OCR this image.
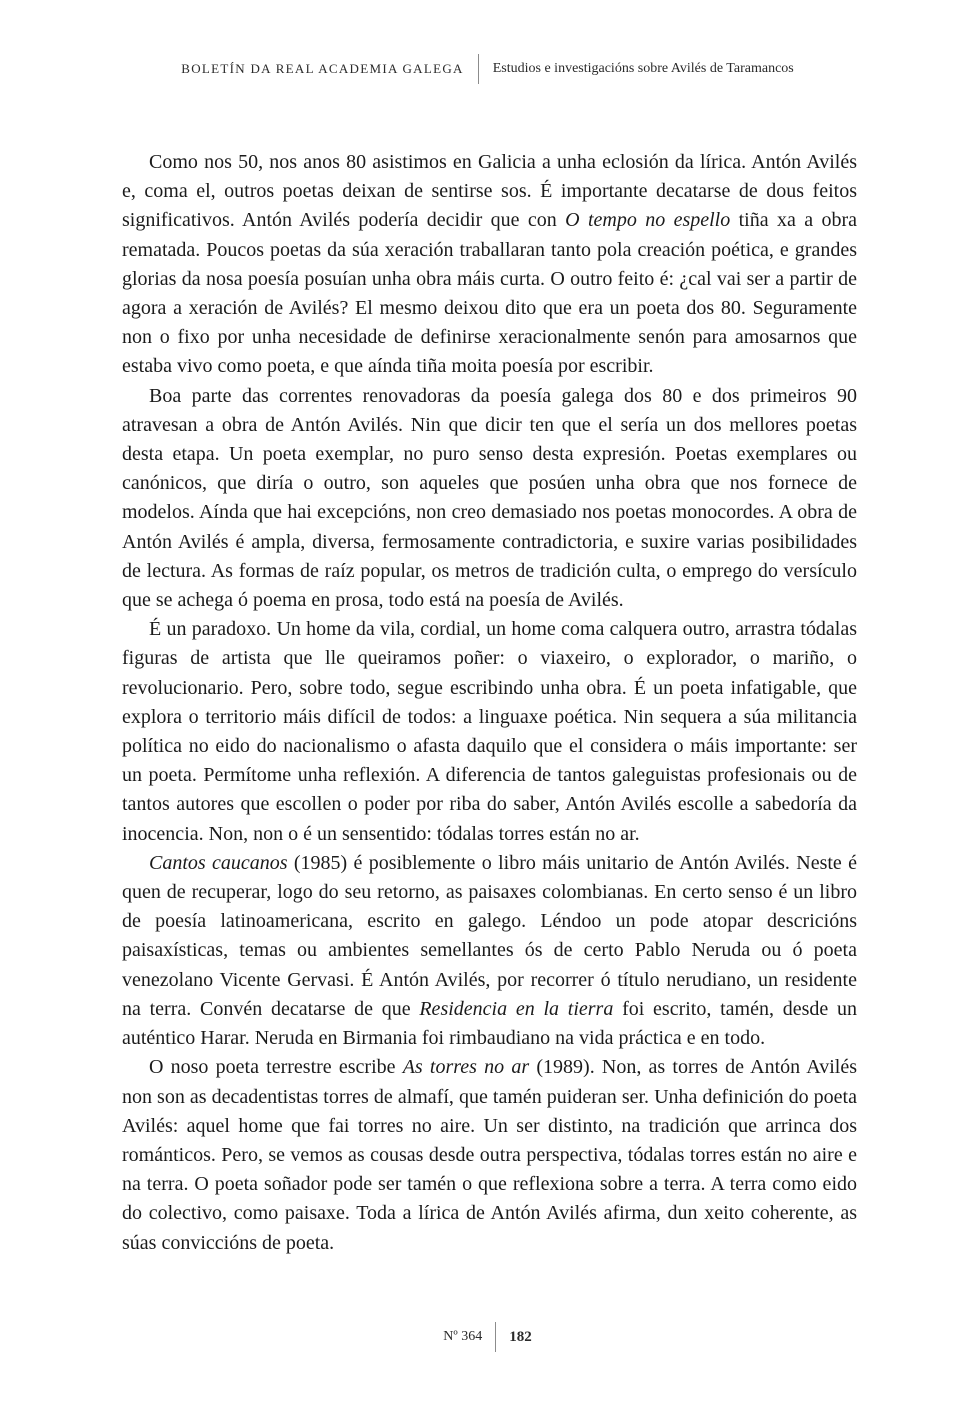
BOLETÍN DA REAL ACADEMIA GALEGA Estudios e investigacións sobre Avilés de Taramancos

Como nos 50, nos anos 80 asistimos en Galicia a unha eclosión da lírica. Antón Avilés e, coma el, outros poetas deixan de sentirse sos. É importante decatarse de dous feitos significativos. Antón Avilés podería decidir que con O tempo no espello tiña xa a obra rematada. Poucos poetas da súa xeración traballaran tanto pola creación poética, e grandes glorias da nosa poesía posuían unha obra máis curta. O outro feito é: ¿cal vai ser a partir de agora a xeración de Avilés? El mesmo deixou dito que era un poeta dos 80. Seguramente non o fixo por unha necesidade de definirse xeracionalmente senón para amosarnos que estaba vivo como poeta, e que aínda tiña moita poesía por escribir.

Boa parte das correntes renovadoras da poesía galega dos 80 e dos primeiros 90 atravesan a obra de Antón Avilés. Nin que dicir ten que el sería un dos mellores poetas desta etapa. Un poeta exemplar, no puro senso desta expresión. Poetas exemplares ou canónicos, que diría o outro, son aqueles que posúen unha obra que nos fornece de modelos. Aínda que hai excepcións, non creo demasiado nos poetas monocordes. A obra de Antón Avilés é ampla, diversa, fermosamente contradictoria, e suxire varias posibilidades de lectura. As formas de raíz popular, os metros de tradición culta, o emprego do versículo que se achega ó poema en prosa, todo está na poesía de Avilés.

É un paradoxo. Un home da vila, cordial, un home coma calquera outro, arrastra tódalas figuras de artista que lle queiramos poñer: o viaxeiro, o explorador, o mariño, o revolucionario. Pero, sobre todo, segue escribindo unha obra. É un poeta infatigable, que explora o territorio máis difícil de todos: a linguaxe poética. Nin sequera a súa militancia política no eido do nacionalismo o afasta daquilo que el considera o máis importante: ser un poeta. Permítome unha reflexión. A diferencia de tantos galeguistas profesionais ou de tantos autores que escollen o poder por riba do saber, Antón Avilés escolle a sabedoría da inocencia. Non, non o é un sensentido: tódalas torres están no ar.

Cantos caucanos (1985) é posiblemente o libro máis unitario de Antón Avilés. Neste é quen de recuperar, logo do seu retorno, as paisaxes colombianas. En certo senso é un libro de poesía latinoamericana, escrito en galego. Léndoo un pode atopar descricións paisaxísticas, temas ou ambientes semellantes ós de certo Pablo Neruda ou ó poeta venezolano Vicente Gervasi. É Antón Avilés, por recorrer ó título nerudiano, un residente na terra. Convén decatarse de que Residencia en la tierra foi escrito, tamén, desde un auténtico Harar. Neruda en Birmania foi rimbaudiano na vida práctica e en todo.

O noso poeta terrestre escribe As torres no ar (1989). Non, as torres de Antón Avilés non son as decadentistas torres de almafí, que tamén puideran ser. Unha definición do poeta Avilés: aquel home que fai torres no aire. Un ser distinto, na tradición que arrinca dos románticos. Pero, se vemos as cousas desde outra perspectiva, tódalas torres están no aire e na terra. O poeta soñador pode ser tamén o que reflexiona sobre a terra. A terra como eido do colectivo, como paisaxe. Toda a lírica de Antón Avilés afirma, dun xeito coherente, as súas conviccións de poeta.

Nº 364 182
